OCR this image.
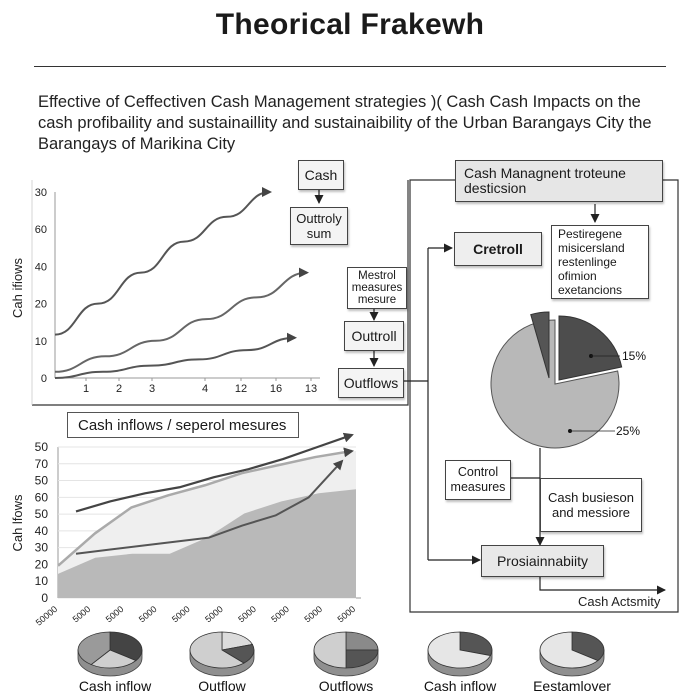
Theorical Frakewh
Effective of Ceffectiven Cash Management strategies )( Cash Cash Impacts on the cash profibaility and sustainaillity and sustainaibility of the Urban Barangays City the Barangays of Marikina City
0
10
20
40
60
30
1 2 3	4 12 16 13
Cah ifiows
0
10
20
30
40
50
60
50
70
50
Cah lfows
50000 5000 5000 5000 5000 5000 5000 5000 5000 5000
Cash inflows / seperol mesures
Cash
Outtroly sum
Mestrol measures mesure
Outtroll
Outflows
Cash Managnent troteune desticsion
Cretroll
Pestiregene misicersland restenlinge ofimion exetancions
Control measures
Cash busieson and messiore
Prosiainnabiity
Cash Actsmity
15%
25%
Cash inflow	Outflow	Outflows	Cash inflow	Eestamlover
